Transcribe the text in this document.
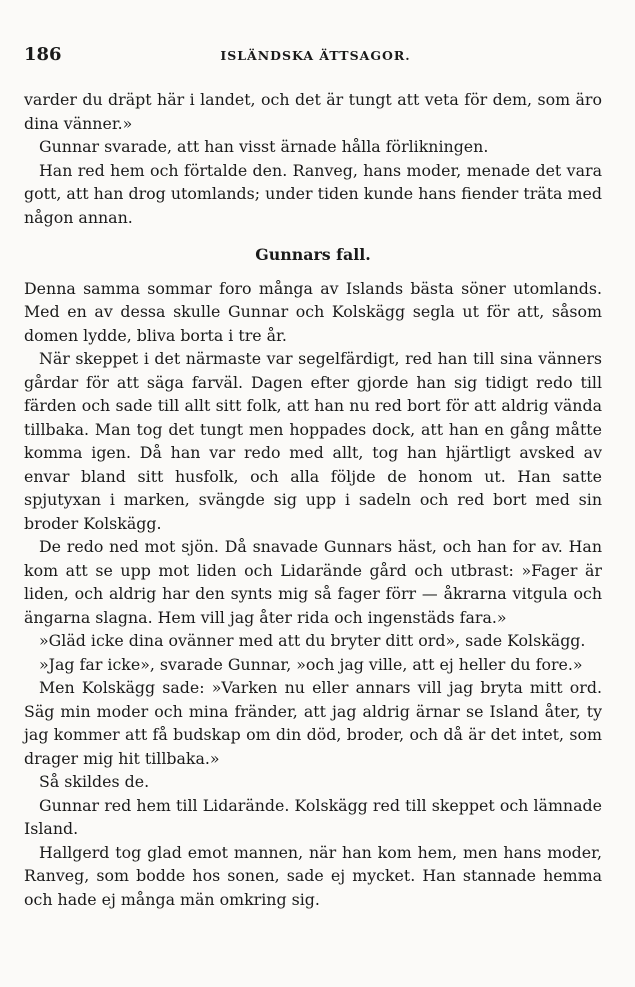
186	ISLÄNDSKA ÄTTSAGOR.

varder du dräpt här i landet, och det är tungt att veta för dem, som äro dina vänner.»

Gunnar svarade, att han visst ärnade hålla förlikningen.

Han red hem och förtalde den. Ranveg, hans moder, menade det vara gott, att han drog utomlands; under tiden kunde hans fiender träta med någon annan.

Gunnars fall.

Denna samma sommar foro många av Islands bästa söner utomlands. Med en av dessa skulle Gunnar och Kolskägg segla ut för att, såsom domen lydde, bliva borta i tre år.

När skeppet i det närmaste var segelfärdigt, red han till sina vänners gårdar för att säga farväl. Dagen efter gjorde han sig tidigt redo till färden och sade till allt sitt folk, att han nu red bort för att aldrig vända tillbaka. Man tog det tungt men hoppades dock, att han en gång måtte komma igen. Då han var redo med allt, tog han hjärtligt avsked av envar bland sitt husfolk, och alla följde de honom ut. Han satte spjutyxan i marken, svängde sig upp i sadeln och red bort med sin broder Kolskägg.

De redo ned mot sjön. Då snavade Gunnars häst, och han for av. Han kom att se upp mot liden och Lidarände gård och utbrast: »Fager är liden, och aldrig har den synts mig så fager förr — åkrarna vitgula och ängarna slagna. Hem vill jag åter rida och ingenstäds fara.»

»Gläd icke dina ovänner med att du bryter ditt ord», sade Kolskägg.

»Jag far icke», svarade Gunnar, »och jag ville, att ej heller du fore.»

Men Kolskägg sade: »Varken nu eller annars vill jag bryta mitt ord. Säg min moder och mina fränder, att jag aldrig ärnar se Island åter, ty jag kommer att få budskap om din död, broder, och då är det intet, som drager mig hit tillbaka.»

Så skildes de.

Gunnar red hem till Lidarände. Kolskägg red till skeppet och lämnade Island.

Hallgerd tog glad emot mannen, när han kom hem, men hans moder, Ranveg, som bodde hos sonen, sade ej mycket. Han stannade hemma och hade ej många män omkring sig.
